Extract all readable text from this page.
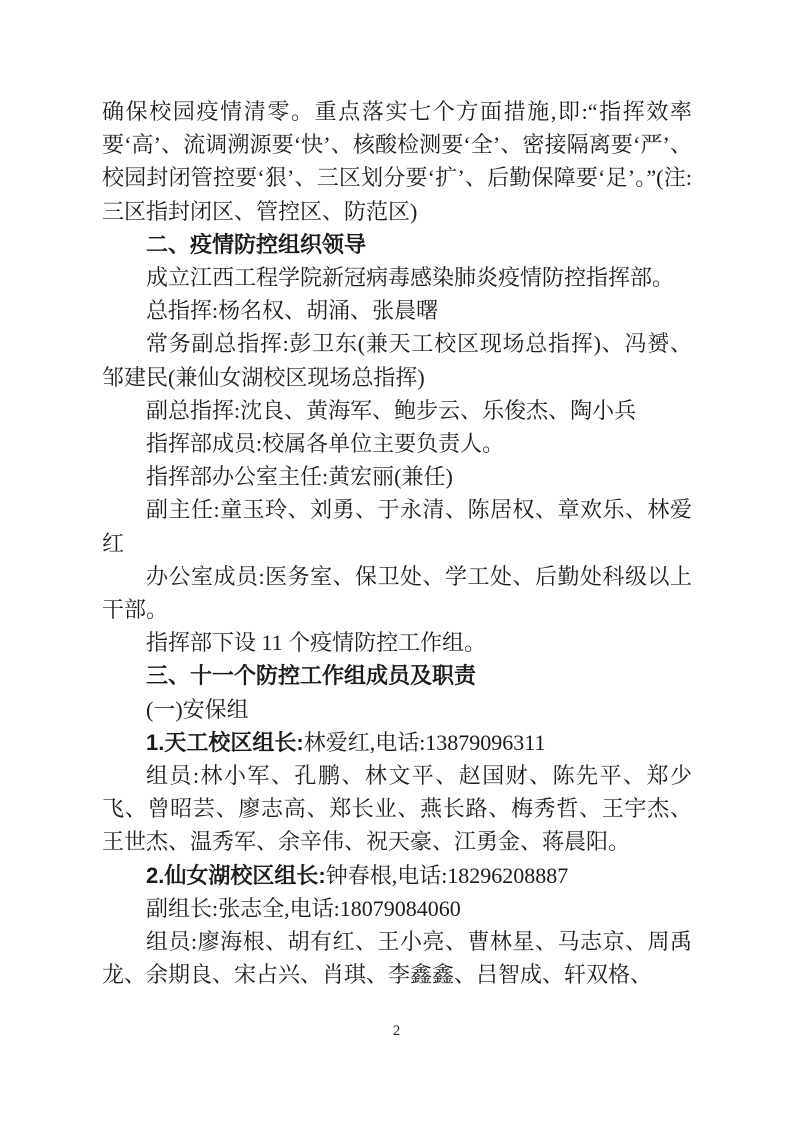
确保校园疫情清零。重点落实七个方面措施,即:“指挥效率要‘高’、流调溯源要‘快’、核酸检测要‘全’、密接隔离要‘严’、校园封闭管控要‘狠’、三区划分要‘扩’、后勤保障要‘足’。”(注:三区指封闭区、管控区、防范区)

二、疫情防控组织领导

成立江西工程学院新冠病毒感染肺炎疫情防控指挥部。

总指挥:杨名权、胡涌、张晨曙

常务副总指挥:彭卫东(兼天工校区现场总指挥)、冯赟、邹建民(兼仙女湖校区现场总指挥)

副总指挥:沈良、黄海军、鲍步云、乐俊杰、陶小兵

指挥部成员:校属各单位主要负责人。

指挥部办公室主任:黄宏丽(兼任)

副主任:童玉玲、刘勇、于永清、陈居权、章欢乐、林爱红

办公室成员:医务室、保卫处、学工处、后勤处科级以上干部。

指挥部下设 11 个疫情防控工作组。

三、十一个防控工作组成员及职责

(一)安保组

1.天工校区组长:林爱红,电话:13879096311

组员:林小军、孔鹏、林文平、赵国财、陈先平、郑少飞、曾昭芸、廖志高、郑长业、燕长路、梅秀哲、王宇杰、王世杰、温秀军、余辛伟、祝天豪、江勇金、蒋晨阳。

2.仙女湖校区组长:钟春根,电话:18296208887

副组长:张志全,电话:18079084060

组员:廖海根、胡有红、王小亮、曹林星、马志京、周禹龙、余期良、宋占兴、肖琪、李鑫鑫、吕智成、轩双格、

2
